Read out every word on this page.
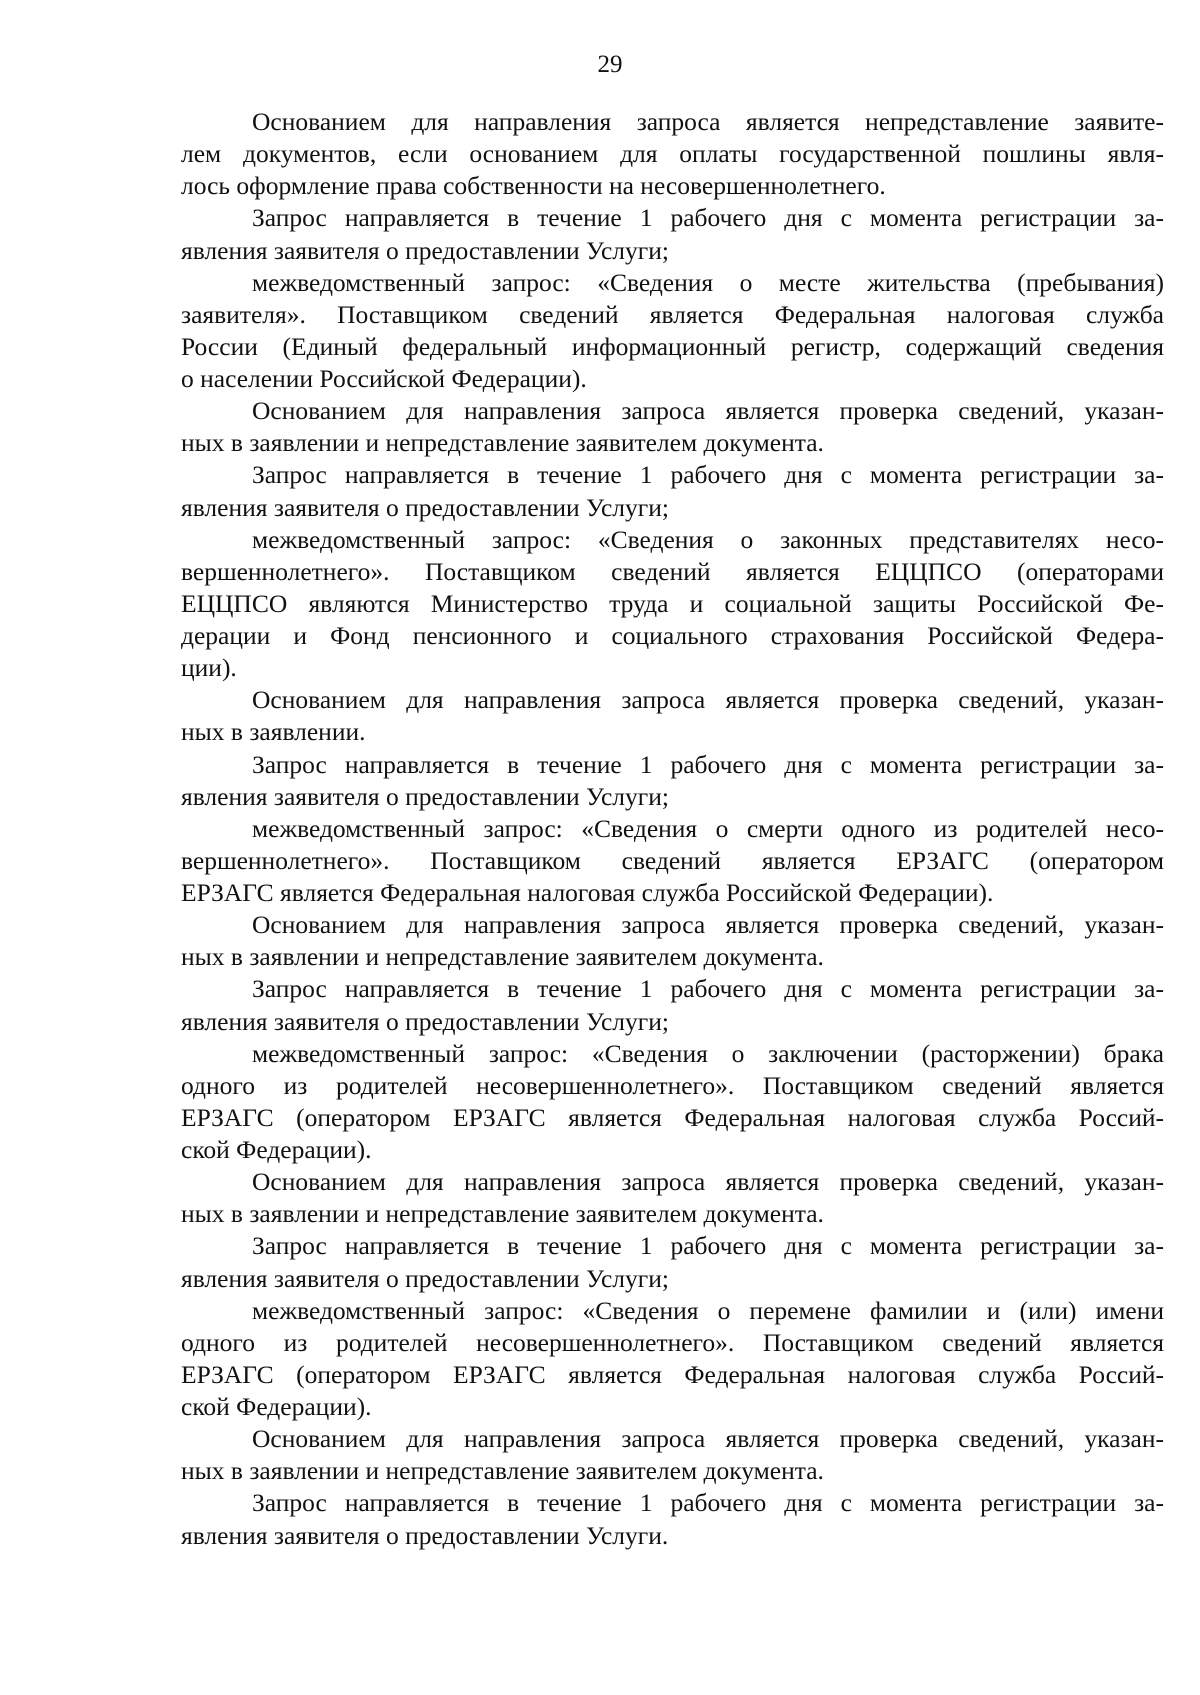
29
Основанием для направления запроса является непредставление заявите-
лем документов, если основанием для оплаты государственной пошлины явля-
лось оформление права собственности на несовершеннолетнего.
Запрос направляется в течение 1 рабочего дня с момента регистрации за-
явления заявителя о предоставлении Услуги;
межведомственный запрос: «Сведения о месте жительства (пребывания)
заявителя». Поставщиком сведений является Федеральная налоговая служба
России (Единый федеральный информационный регистр, содержащий сведения
о населении Российской Федерации).
Основанием для направления запроса является проверка сведений, указан-
ных в заявлении и непредставление заявителем документа.
Запрос направляется в течение 1 рабочего дня с момента регистрации за-
явления заявителя о предоставлении Услуги;
межведомственный запрос: «Сведения о законных представителях несо-
вершеннолетнего». Поставщиком сведений является ЕЦЦПСО (операторами
ЕЦЦПСО являются Министерство труда и социальной защиты Российской Фе-
дерации и Фонд пенсионного и социального страхования Российской Федера-
ции).
Основанием для направления запроса является проверка сведений, указан-
ных в заявлении.
Запрос направляется в течение 1 рабочего дня с момента регистрации за-
явления заявителя о предоставлении Услуги;
межведомственный запрос: «Сведения о смерти одного из родителей несо-
вершеннолетнего». Поставщиком сведений является ЕРЗАГС (оператором
ЕРЗАГС является Федеральная налоговая служба Российской Федерации).
Основанием для направления запроса является проверка сведений, указан-
ных в заявлении и непредставление заявителем документа.
Запрос направляется в течение 1 рабочего дня с момента регистрации за-
явления заявителя о предоставлении Услуги;
межведомственный запрос: «Сведения о заключении (расторжении) брака
одного из родителей несовершеннолетнего». Поставщиком сведений является
ЕРЗАГС (оператором ЕРЗАГС является Федеральная налоговая служба Россий-
ской Федерации).
Основанием для направления запроса является проверка сведений, указан-
ных в заявлении и непредставление заявителем документа.
Запрос направляется в течение 1 рабочего дня с момента регистрации за-
явления заявителя о предоставлении Услуги;
межведомственный запрос: «Сведения о перемене фамилии и (или) имени
одного из родителей несовершеннолетнего». Поставщиком сведений является
ЕРЗАГС (оператором ЕРЗАГС является Федеральная налоговая служба Россий-
ской Федерации).
Основанием для направления запроса является проверка сведений, указан-
ных в заявлении и непредставление заявителем документа.
Запрос направляется в течение 1 рабочего дня с момента регистрации за-
явления заявителя о предоставлении Услуги.
